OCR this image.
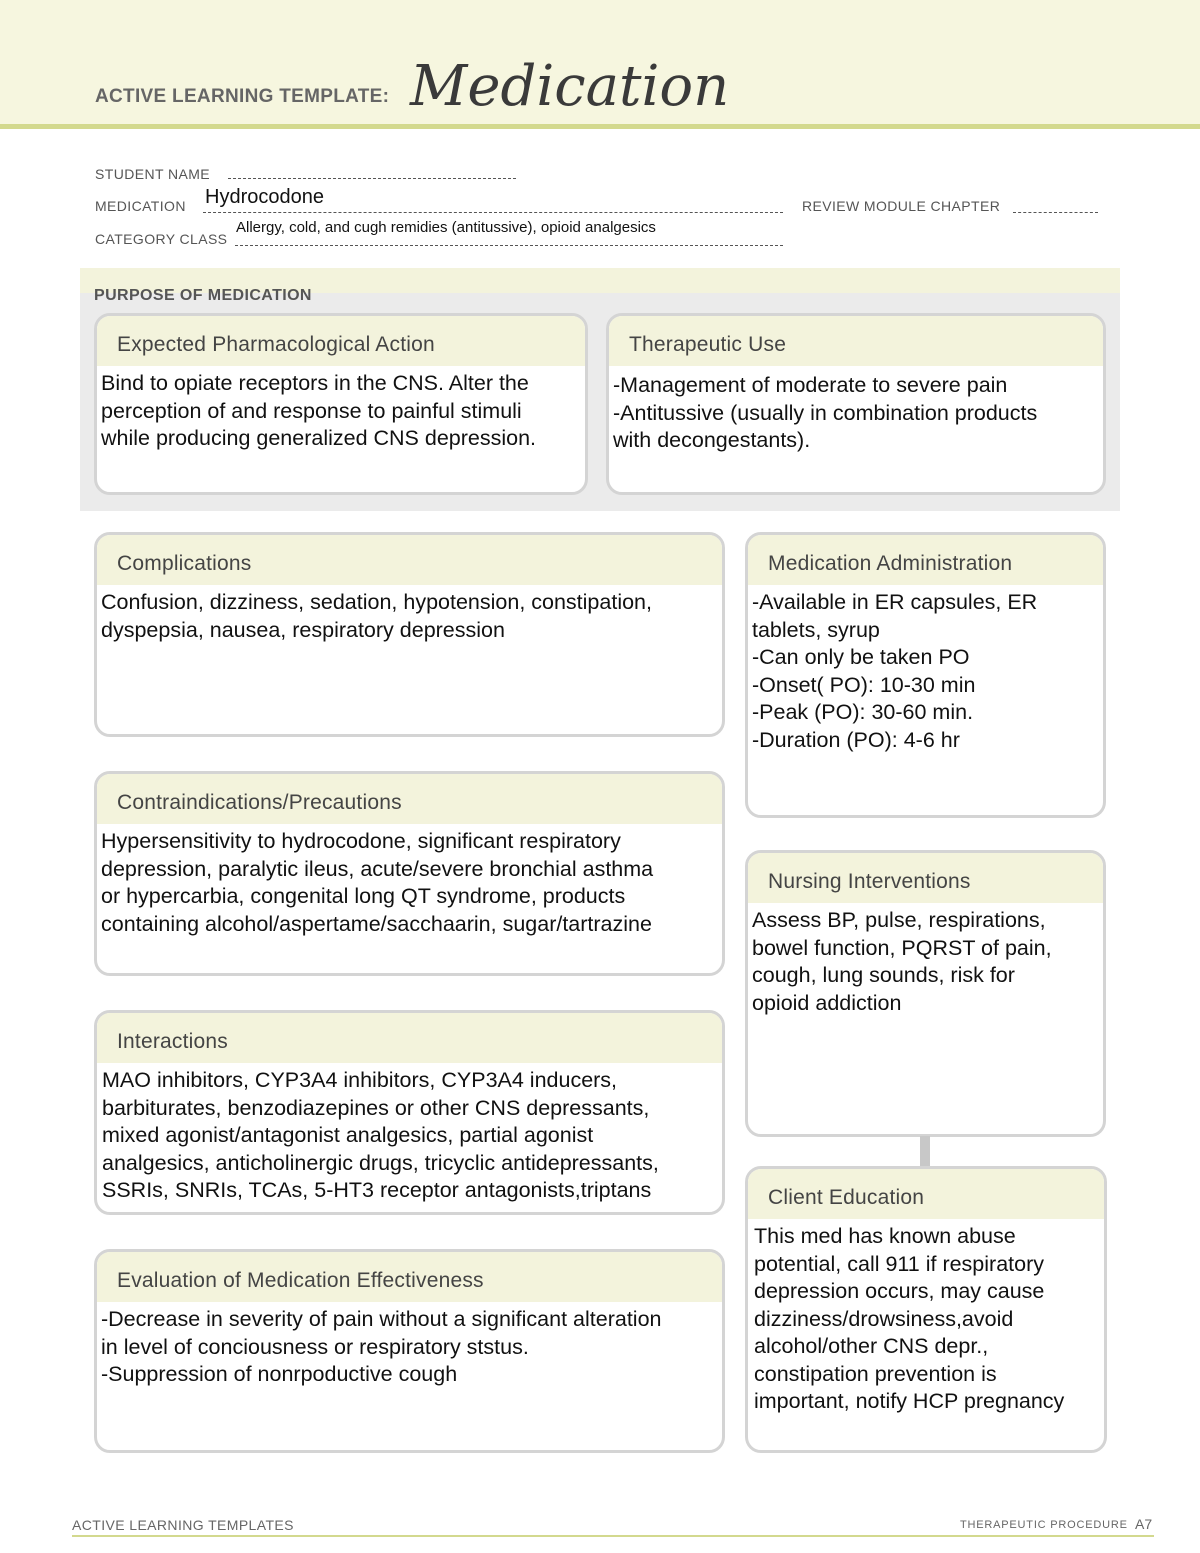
ACTIVE LEARNING TEMPLATE: Medication
STUDENT NAME
MEDICATION Hydrocodone	REVIEW MODULE CHAPTER
CATEGORY CLASS
Allergy, cold, and cugh remidies (antitussive), opioid analgesics
PURPOSE OF MEDICATION
Expected Pharmacological Action
Bind to opiate receptors in the CNS. Alter the
perception of and response to painful stimuli
while producing generalized CNS depression.
Therapeutic Use
-Management of moderate to severe pain
-Antitussive (usually in combination products
with decongestants).
Complications
Confusion, dizziness, sedation, hypotension, constipation,
dyspepsia, nausea, respiratory depression
Medication Administration
-Available in ER capsules, ER
tablets, syrup
-Can only be taken PO
-Onset( PO): 10-30 min
-Peak (PO): 30-60 min.
-Duration (PO): 4-6 hr
Contraindications/Precautions
Hypersensitivity to hydrocodone, significant respiratory
depression, paralytic ileus, acute/severe bronchial asthma
or hypercarbia, congenital long QT syndrome, products
containing alcohol/aspertame/sacchaarin, sugar/tartrazine
Nursing Interventions
Assess BP, pulse, respirations,
bowel function, PQRST of pain,
cough, lung sounds, risk for
opioid addiction
Interactions
MAO inhibitors, CYP3A4 inhibitors, CYP3A4 inducers,
barbiturates, benzodiazepines or other CNS depressants,
mixed agonist/antagonist analgesics, partial agonist
analgesics, anticholinergic drugs, tricyclic antidepressants,
SSRIs, SNRIs, TCAs, 5-HT3 receptor antagonists,triptans	Client Education
This med has known abuse
potential, call 911 if respiratory
depression occurs, may cause
dizziness/drowsiness,avoid
alcohol/other CNS depr.,
constipation prevention is
important, notify HCP pregnancy
Evaluation of Medication Effectiveness
-Decrease in severity of pain without a significant alteration
in level of conciousness or respiratory ststus.
-Suppression of nonrpoductive cough
ACTIVE LEARNING TEMPLATES	THERAPEUTIC PROCEDURE A7
